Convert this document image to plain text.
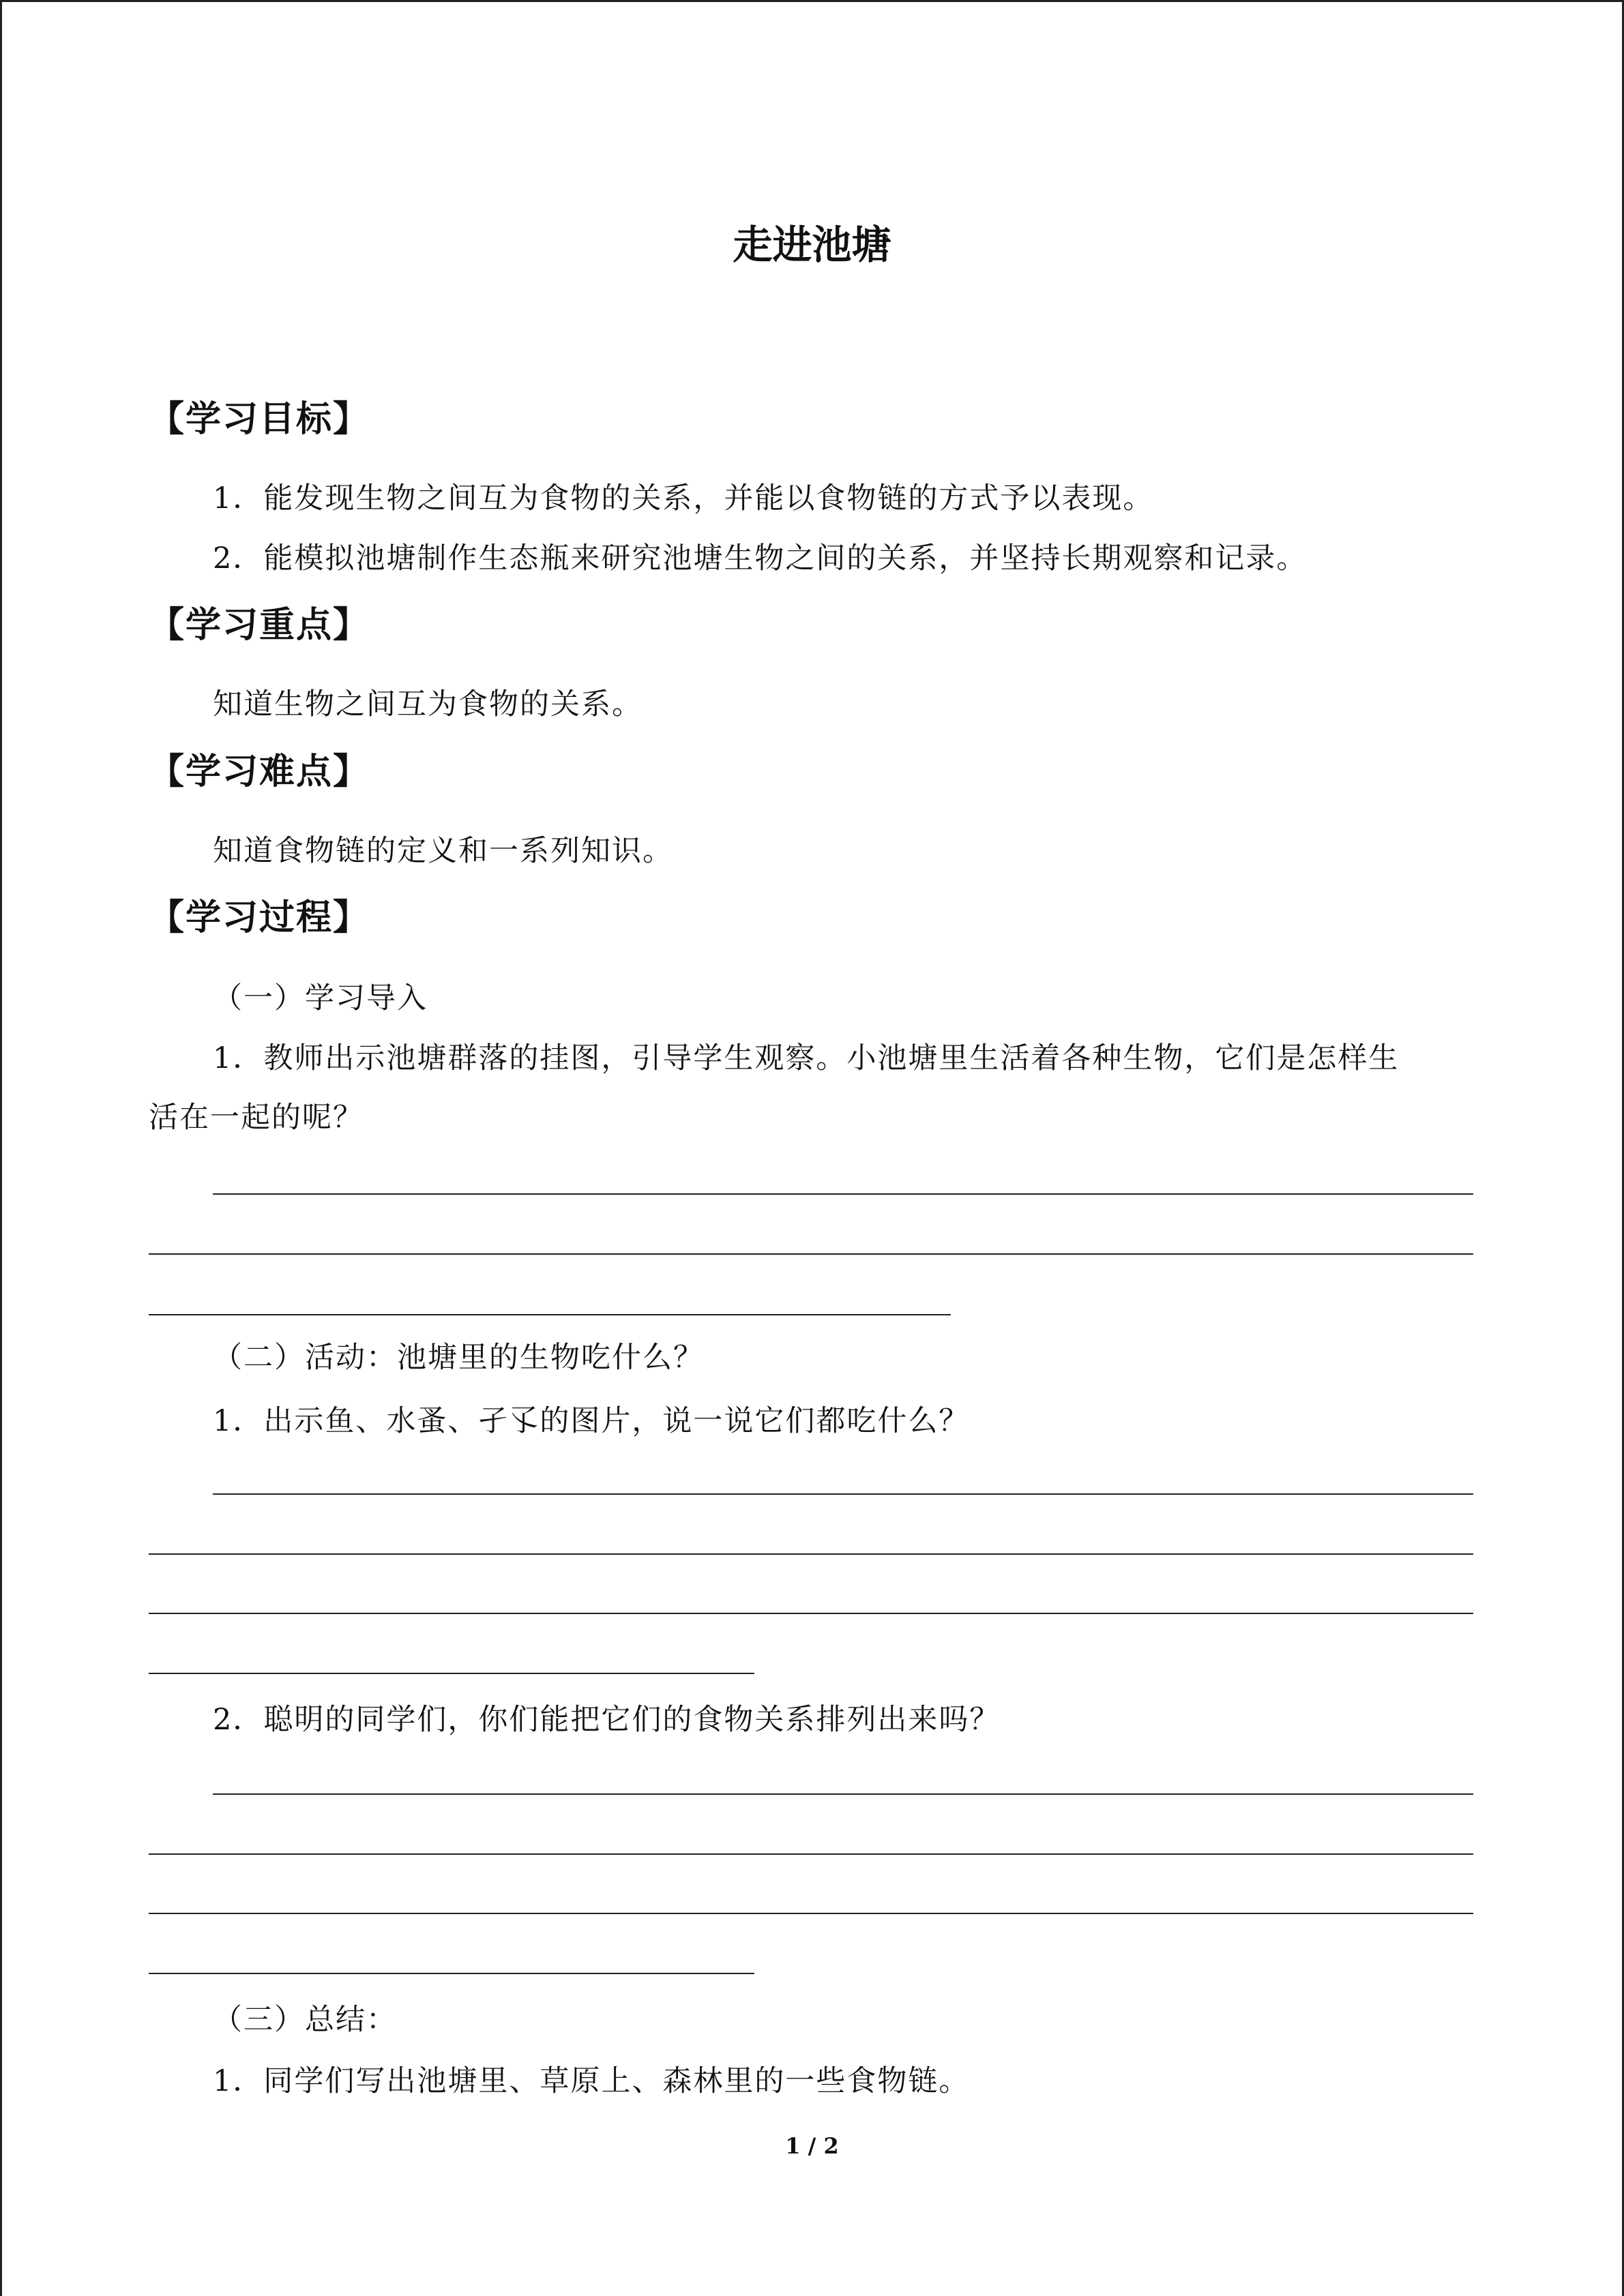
走进池塘
【学习目标】
1．能发现生物之间互为食物的关系，并能以食物链的方式予以表现。
2．能模拟池塘制作生态瓶来研究池塘生物之间的关系，并坚持长期观察和记录。
【学习重点】
知道生物之间互为食物的关系。
【学习难点】
知道食物链的定义和一系列知识。
【学习过程】
（一）学习导入
1．教师出示池塘群落的挂图，引导学生观察。小池塘里生活着各种生物，它们是怎样生
活在一起的呢？
（二）活动：池塘里的生物吃什么？
1．出示鱼、水蚤、孑孓的图片，说一说它们都吃什么？
2．聪明的同学们，你们能把它们的食物关系排列出来吗？
（三）总结：
1．同学们写出池塘里、草原上、森林里的一些食物链。
1 / 2
